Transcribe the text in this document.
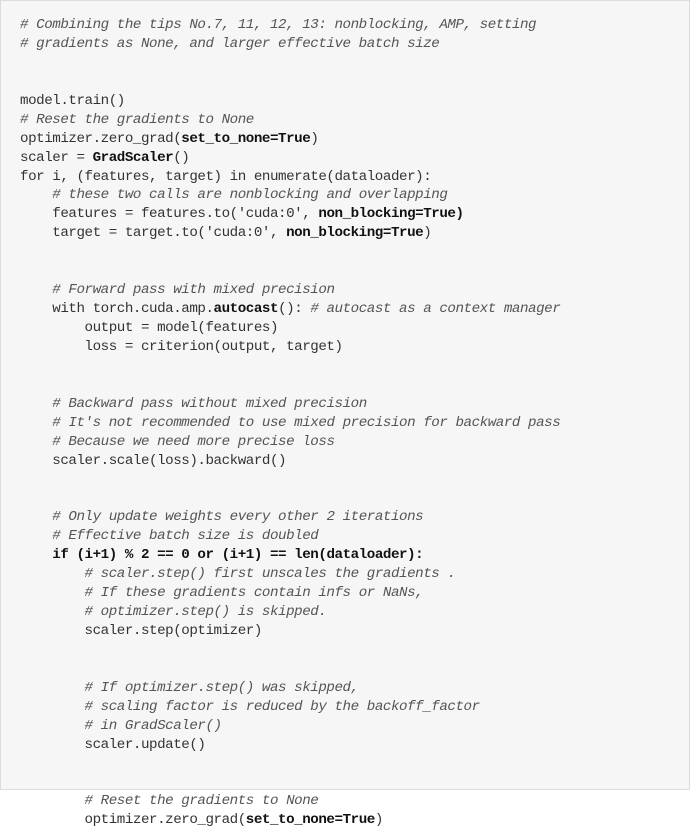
# Combining the tips No.7, 11, 12, 13: nonblocking, AMP, setting
# gradients as None, and larger effective batch size
model.train()
# Reset the gradients to None
optimizer.zero_grad(set_to_none=True)
scaler = GradScaler()
for i, (features, target) in enumerate(dataloader):
# these two calls are nonblocking and overlapping
features = features.to('cuda:0', non_blocking=True)
target = target.to('cuda:0', non_blocking=True)
# Forward pass with mixed precision
with torch.cuda.amp.autocast(): # autocast as a context manager
output = model(features)
loss = criterion(output, target)
# Backward pass without mixed precision
# It's not recommended to use mixed precision for backward pass
# Because we need more precise loss
scaler.scale(loss).backward()
# Only update weights every other 2 iterations
# Effective batch size is doubled
if (i+1) % 2 == 0 or (i+1) == len(dataloader):
# scaler.step() first unscales the gradients .
# If these gradients contain infs or NaNs,
# optimizer.step() is skipped.
scaler.step(optimizer)
# If optimizer.step() was skipped,
# scaling factor is reduced by the backoff_factor
# in GradScaler()
scaler.update()
# Reset the gradients to None
optimizer.zero_grad(set_to_none=True)
